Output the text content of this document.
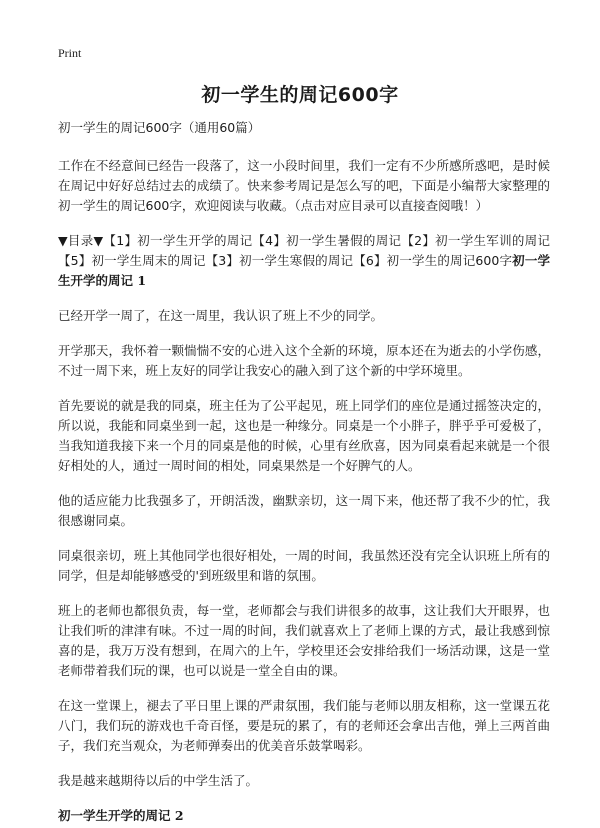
Print
初一学生的周记600字

初一学生的周记600字（通用60篇）

工作在不经意间已经告一段落了，这一小段时间里，我们一定有不少所感所惑吧，是时候在周记中好好总结过去的成绩了。快来参考周记是怎么写的吧，下面是小编帮大家整理的初一学生的周记600字，欢迎阅读与收藏。（点击对应目录可以直接查阅哦！）

▼目录▼【1】初一学生开学的周记【4】初一学生暑假的周记【2】初一学生军训的周记【5】初一学生周末的周记【3】初一学生寒假的周记【6】初一学生的周记600字初一学生开学的周记 1

已经开学一周了，在这一周里，我认识了班上不少的同学。

开学那天，我怀着一颗惴惴不安的心进入这个全新的环境，原本还在为逝去的小学伤感，不过一周下来，班上友好的同学让我安心的融入到了这个新的中学环境里。

首先要说的就是我的同桌，班主任为了公平起见，班上同学们的座位是通过摇签决定的，所以说，我能和同桌坐到一起，这也是一种缘分。同桌是一个小胖子，胖乎乎可爱极了，当我知道我接下来一个月的同桌是他的时候，心里有丝欣喜，因为同桌看起来就是一个很好相处的人，通过一周时间的相处，同桌果然是一个好脾气的人。

他的适应能力比我强多了，开朗活泼，幽默亲切，这一周下来，他还帮了我不少的忙，我很感谢同桌。

同桌很亲切，班上其他同学也很好相处，一周的时间，我虽然还没有完全认识班上所有的同学，但是却能够感受的'到班级里和谐的氛围。

班上的老师也都很负责，每一堂，老师都会与我们讲很多的故事，这让我们大开眼界，也让我们听的津津有味。不过一周的时间，我们就喜欢上了老师上课的方式，最让我感到惊喜的是，我万万没有想到，在周六的上午，学校里还会安排给我们一场活动课，这是一堂老师带着我们玩的课，也可以说是一堂全自由的课。

在这一堂课上，褪去了平日里上课的严肃氛围，我们能与老师以朋友相称，这一堂课五花八门，我们玩的游戏也千奇百怪，要是玩的累了，有的老师还会拿出吉他，弹上三两首曲子，我们充当观众，为老师弹奏出的优美音乐鼓掌喝彩。

我是越来越期待以后的中学生活了。

初一学生开学的周记 2
